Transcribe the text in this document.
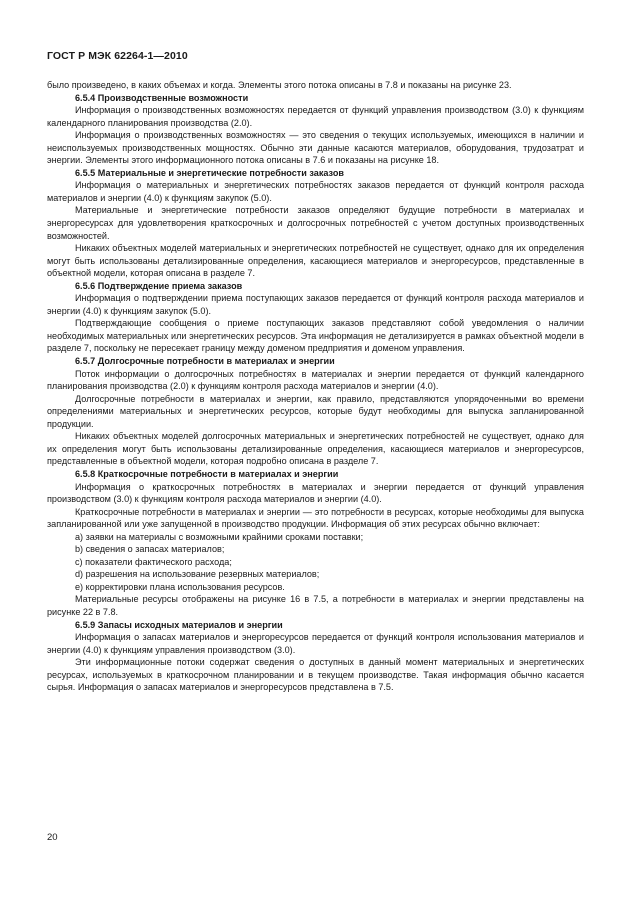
ГОСТ Р МЭК 62264-1—2010

было произведено, в каких объемах и когда. Элементы этого потока описаны в 7.8 и показаны на рисунке 23.

6.5.4 Производственные возможности

Информация о производственных возможностях передается от функций управления производством (3.0) к функциям календарного планирования производства (2.0).

Информация о производственных возможностях — это сведения о текущих используемых, имеющихся в наличии и неиспользуемых производственных мощностях. Обычно эти данные касаются материалов, оборудования, трудозатрат и энергии. Элементы этого информационного потока описаны в 7.6 и показаны на рисунке 18.

6.5.5 Материальные и энергетические потребности заказов

Информация о материальных и энергетических потребностях заказов передается от функций контроля расхода материалов и энергии (4.0) к функциям закупок (5.0).

Материальные и энергетические потребности заказов определяют будущие потребности в материалах и энергоресурсах для удовлетворения краткосрочных и долгосрочных потребностей с учетом доступных производственных возможностей.

Никаких объектных моделей материальных и энергетических потребностей не существует, однако для их определения могут быть использованы детализированные определения, касающиеся материалов и энергоресурсов, представленные в объектной модели, которая описана в разделе 7.

6.5.6 Подтверждение приема заказов

Информация о подтверждении приема поступающих заказов передается от функций контроля расхода материалов и энергии (4.0) к функциям закупок (5.0).

Подтверждающие сообщения о приеме поступающих заказов представляют собой уведомления о наличии необходимых материальных или энергетических ресурсов. Эта информация не детализируется в рамках объектной модели в разделе 7, поскольку не пересекает границу между доменом предприятия и доменом управления.

6.5.7 Долгосрочные потребности в материалах и энергии

Поток информации о долгосрочных потребностях в материалах и энергии передается от функций календарного планирования производства (2.0) к функциям контроля расхода материалов и энергии (4.0).

Долгосрочные потребности в материалах и энергии, как правило, представляются упорядоченными во времени определениями материальных и энергетических ресурсов, которые будут необходимы для выпуска запланированной продукции.

Никаких объектных моделей долгосрочных материальных и энергетических потребностей не существует, однако для их определения могут быть использованы детализированные определения, касающиеся материалов и энергоресурсов, представленные в объектной модели, которая подробно описана в разделе 7.

6.5.8 Краткосрочные потребности в материалах и энергии

Информация о краткосрочных потребностях в материалах и энергии передается от функций управления производством (3.0) к функциям контроля расхода материалов и энергии (4.0).

Краткосрочные потребности в материалах и энергии — это потребности в ресурсах, которые необходимы для выпуска запланированной или уже запущенной в производство продукции. Информация об этих ресурсах обычно включает:

a) заявки на материалы с возможными крайними сроками поставки;

b) сведения о запасах материалов;

c) показатели фактического расхода;

d) разрешения на использование резервных материалов;

e) корректировки плана использования ресурсов.

Материальные ресурсы отображены на рисунке 16 в 7.5, а потребности в материалах и энергии представлены на рисунке 22 в 7.8.

6.5.9 Запасы исходных материалов и энергии

Информация о запасах материалов и энергоресурсов передается от функций контроля использования материалов и энергии (4.0) к функциям управления производством (3.0).

Эти информационные потоки содержат сведения о доступных в данный момент материальных и энергетических ресурсах, используемых в краткосрочном планировании и в текущем производстве. Такая информация обычно касается сырья. Информация о запасах материалов и энергоресурсов представлена в 7.5.

20
